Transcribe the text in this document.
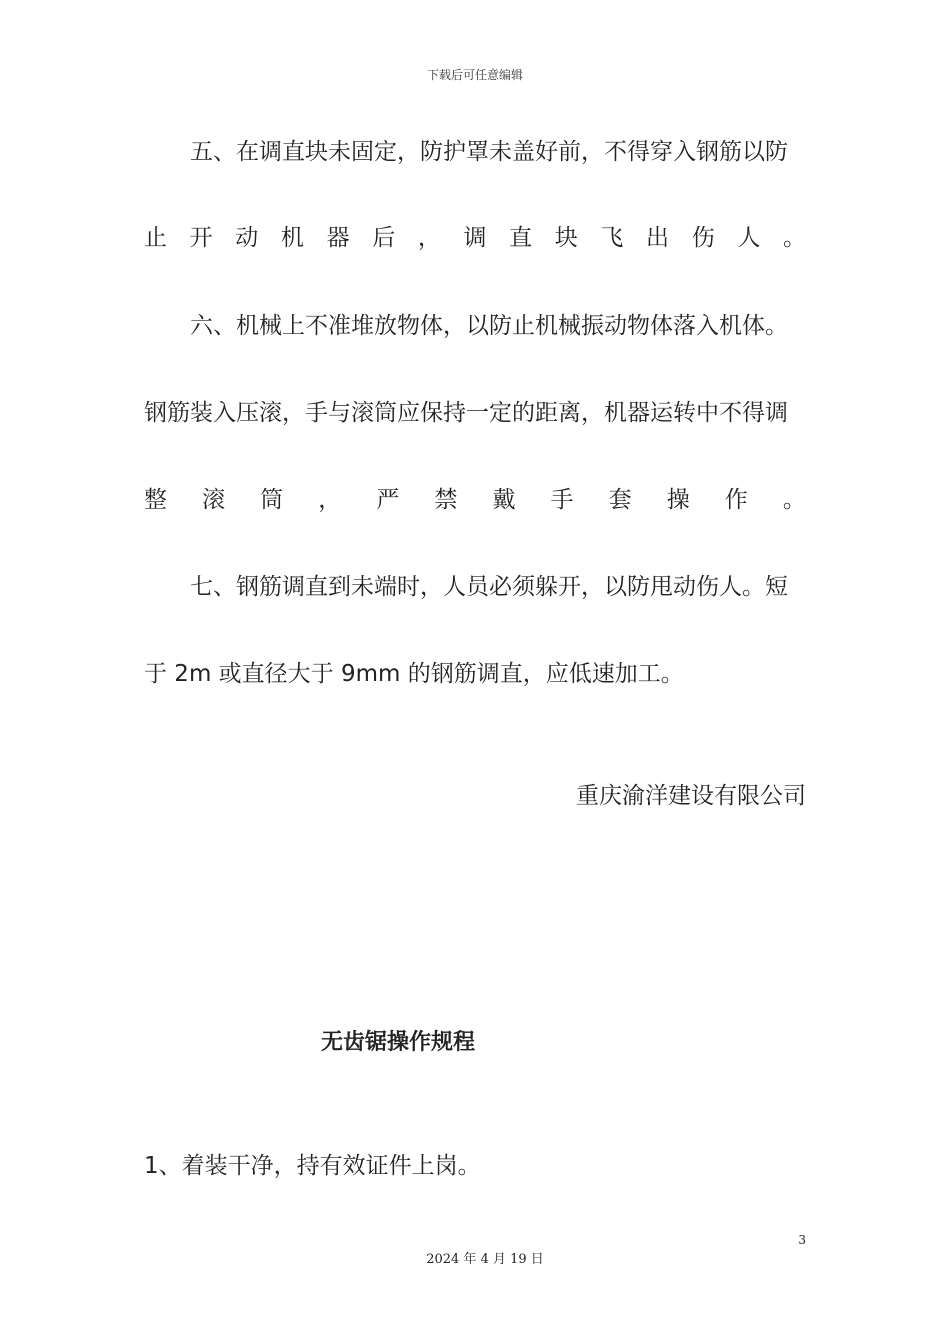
下载后可任意编辑
五、在调直块未固定，防护罩未盖好前，不得穿入钢筋以防
止 开 动 机 器 后 ， 调 直 块 飞 出 伤 人 。
六、机械上不准堆放物体，以防止机械振动物体落入机体。
钢筋装入压滚，手与滚筒应保持一定的距离，机器运转中不得调
整 滚 筒 ， 严 禁 戴 手 套 操 作 。
七、钢筋调直到未端时，人员必须躲开，以防甩动伤人。短
于 2m 或直径大于 9mm 的钢筋调直，应低速加工。
重庆渝洋建设有限公司
无齿锯操作规程
1、着装干净，持有效证件上岗。
3
2024 年 4 月 19 日
